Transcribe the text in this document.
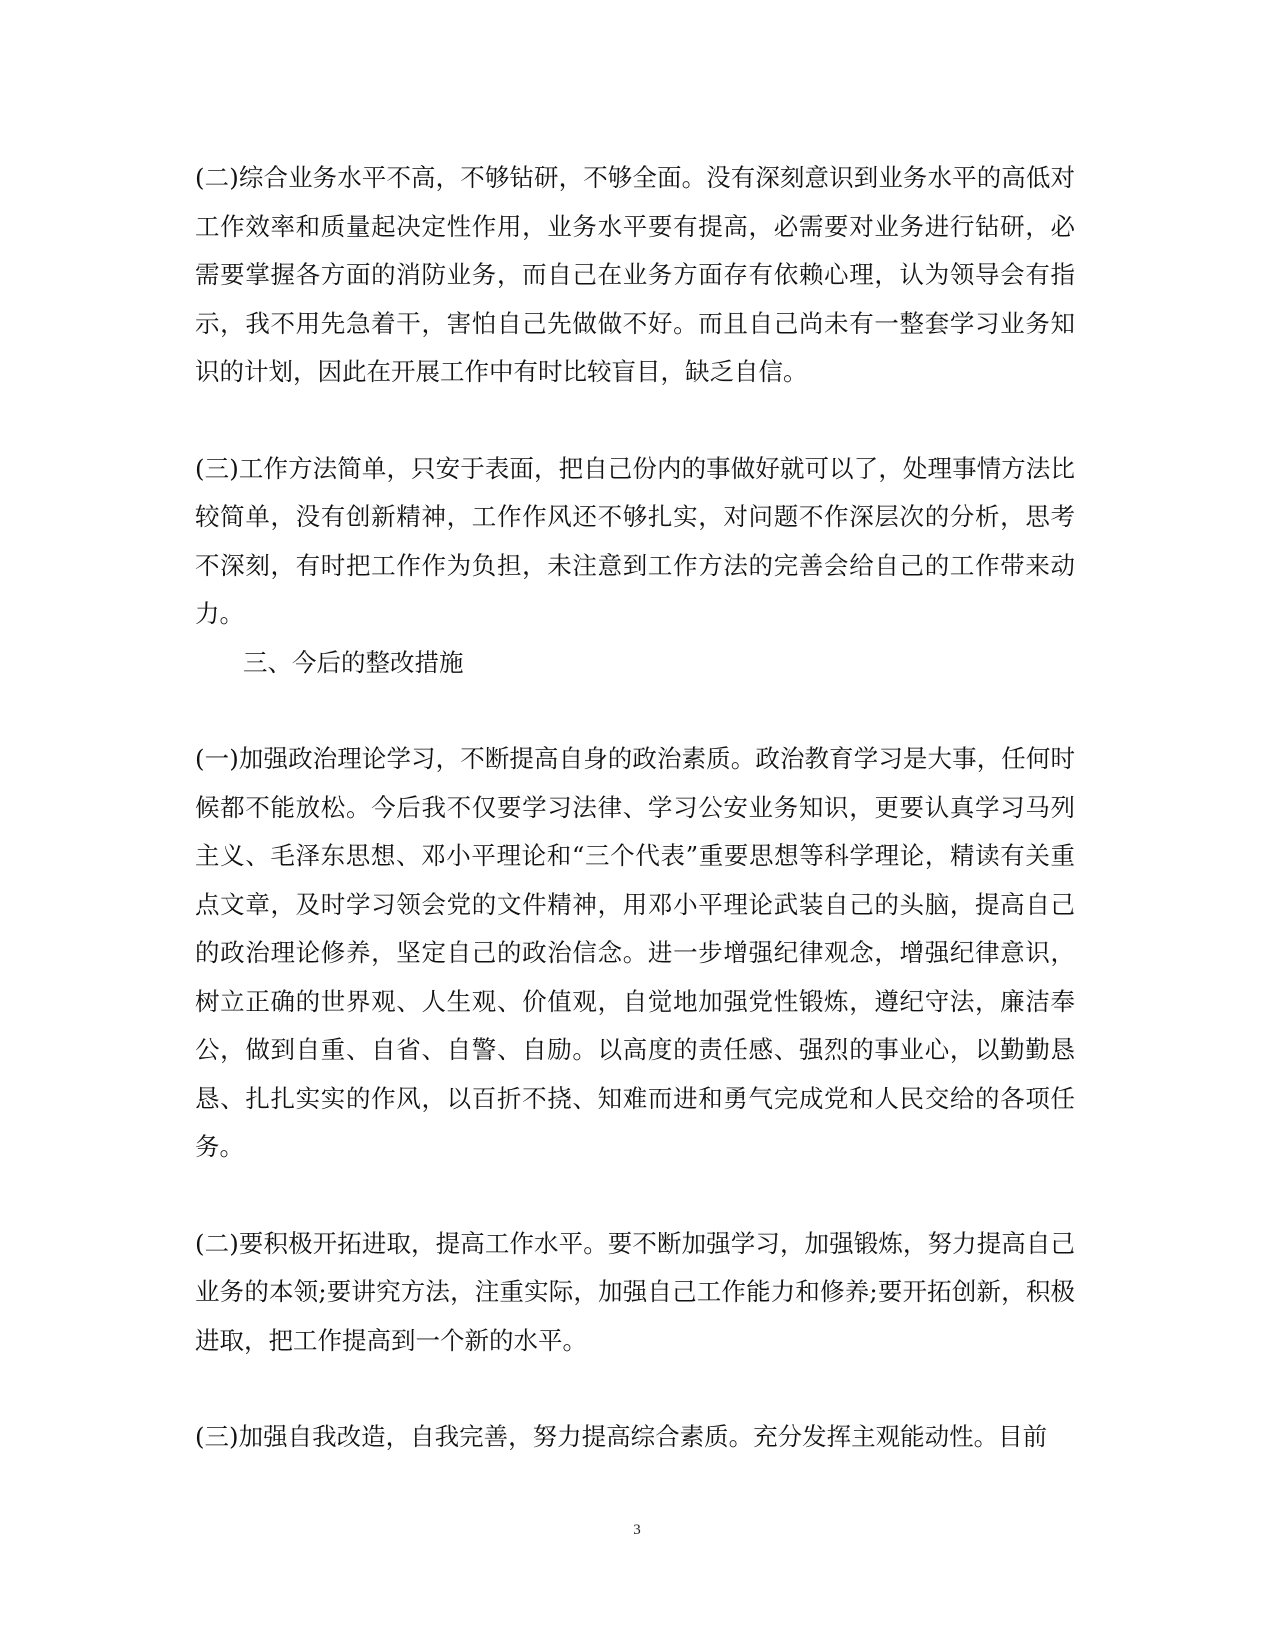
(二)综合业务水平不高，不够钻研，不够全面。没有深刻意识到业务水平的高低对工作效率和质量起决定性作用，业务水平要有提高，必需要对业务进行钻研，必需要掌握各方面的消防业务，而自己在业务方面存有依赖心理，认为领导会有指示，我不用先急着干，害怕自己先做做不好。而且自己尚未有一整套学习业务知识的计划，因此在开展工作中有时比较盲目，缺乏自信。

(三)工作方法简单，只安于表面，把自己份内的事做好就可以了，处理事情方法比较简单，没有创新精神，工作作风还不够扎实，对问题不作深层次的分析，思考不深刻，有时把工作作为负担，未注意到工作方法的完善会给自己的工作带来动力。

三、今后的整改措施

(一)加强政治理论学习，不断提高自身的政治素质。政治教育学习是大事，任何时候都不能放松。今后我不仅要学习法律、学习公安业务知识，更要认真学习马列主义、毛泽东思想、邓小平理论和“三个代表”重要思想等科学理论，精读有关重点文章，及时学习领会党的文件精神，用邓小平理论武装自己的头脑，提高自己的政治理论修养，坚定自己的政治信念。进一步增强纪律观念，增强纪律意识，树立正确的世界观、人生观、价值观，自觉地加强党性锻炼，遵纪守法，廉洁奉公，做到自重、自省、自警、自励。以高度的责任感、强烈的事业心，以勤勤恳恳、扎扎实实的作风，以百折不挠、知难而进和勇气完成党和人民交给的各项任务。

(二)要积极开拓进取，提高工作水平。要不断加强学习，加强锻炼，努力提高自己业务的本领;要讲究方法，注重实际，加强自己工作能力和修养;要开拓创新，积极进取，把工作提高到一个新的水平。

(三)加强自我改造，自我完善，努力提高综合素质。充分发挥主观能动性。目前

3
